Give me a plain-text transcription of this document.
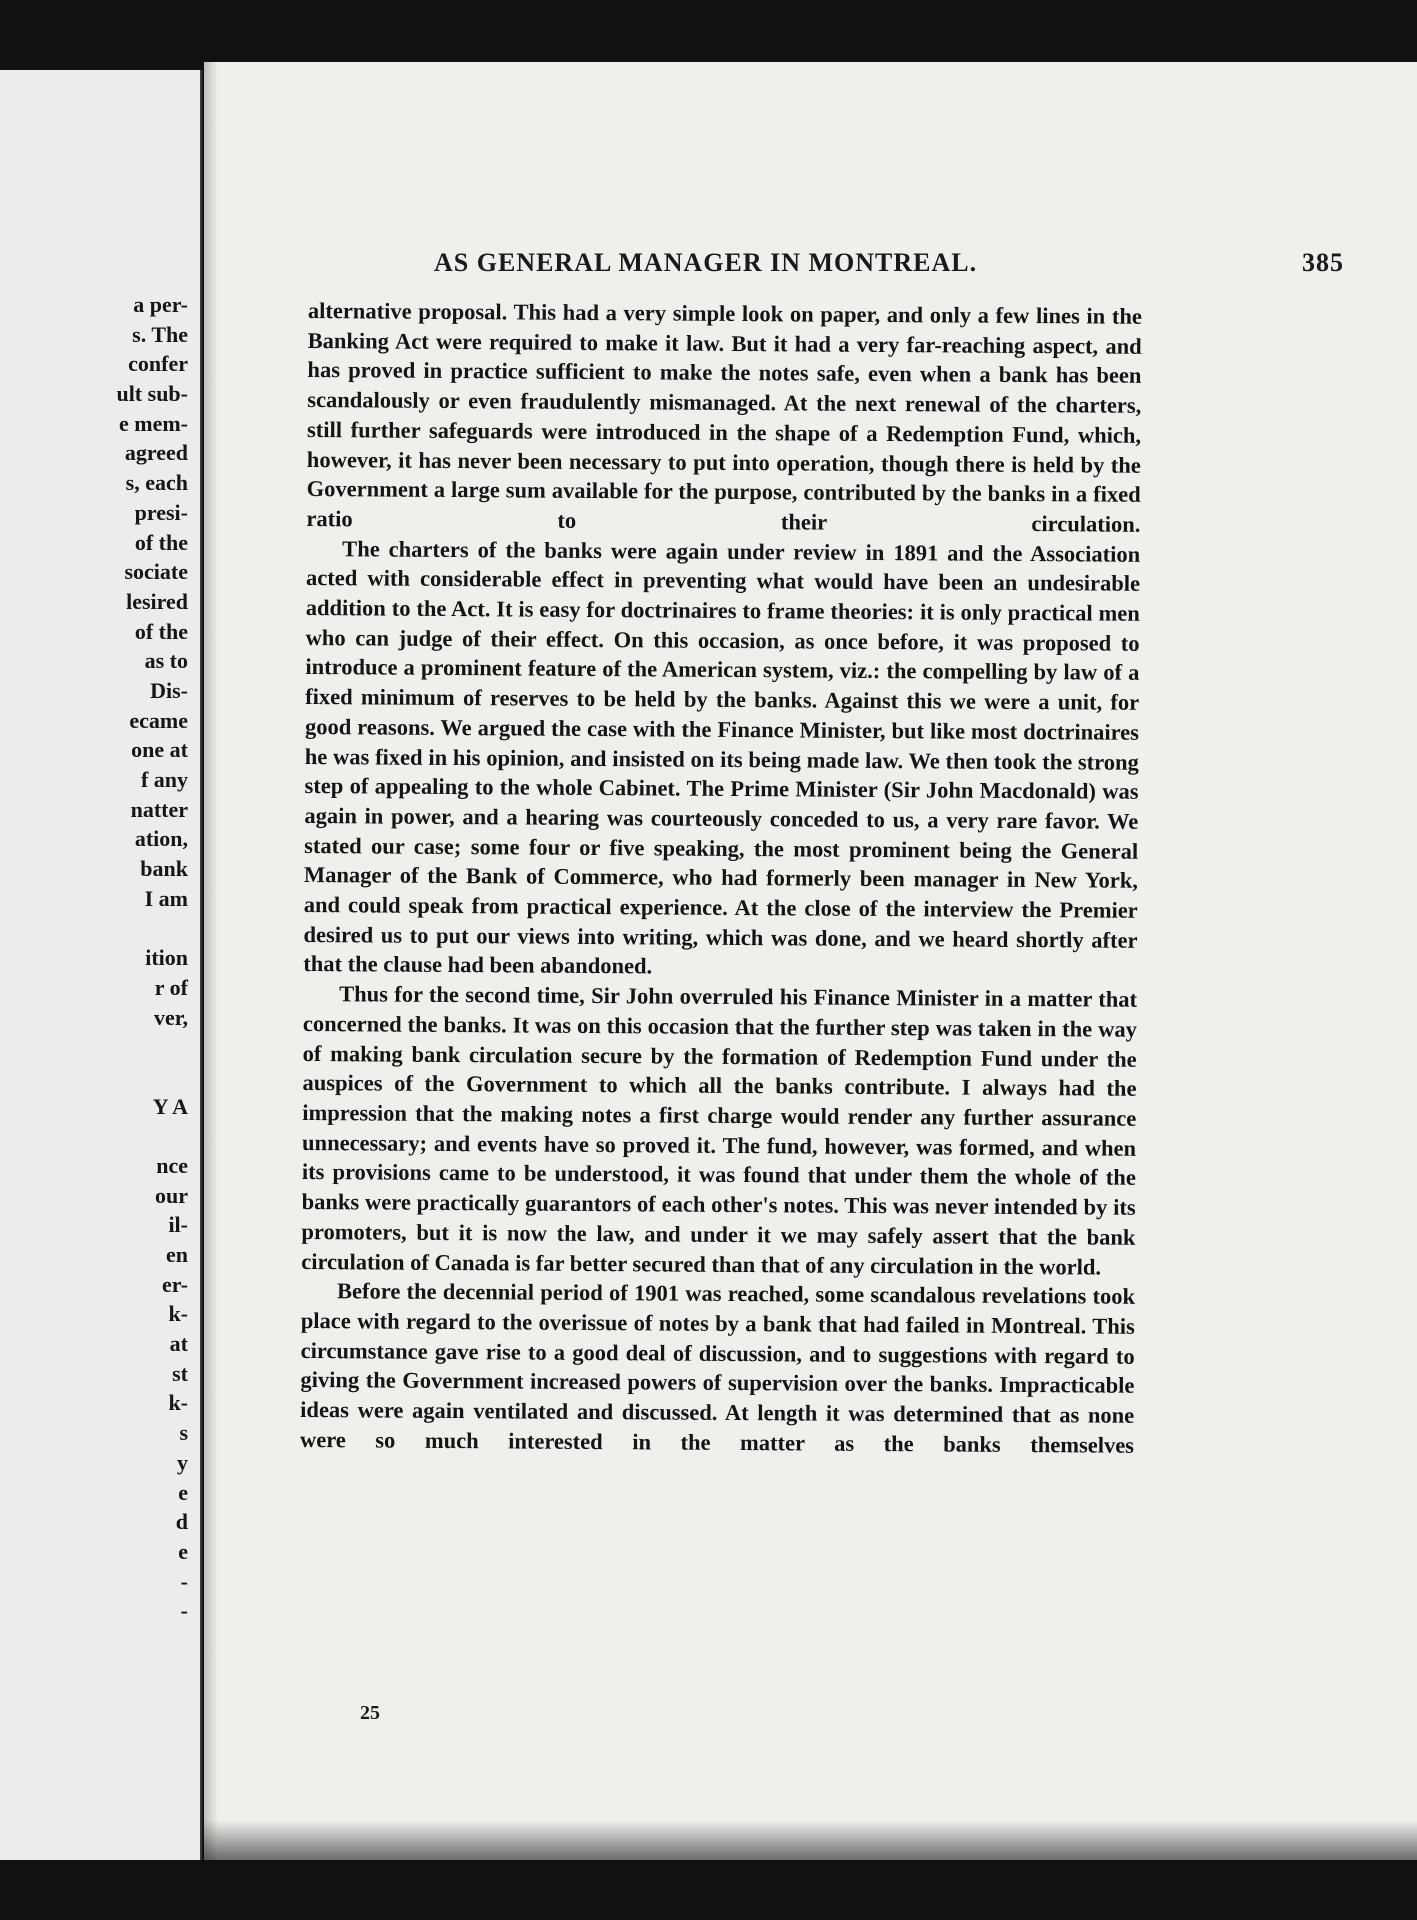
a per-
s. The
confer
ult sub-
e mem-
agreed
s, each
presi-
of the
sociate
lesired
of the
as to
Dis-
ecame
one at
f any
natter
ation,
bank
I am
ition
r of
ver,
Y A
nce
our
il-
en
er-
k-
at
st
k-
s
y
e
d
e
-
-
AS GENERAL MANAGER IN MONTREAL.	385

alternative proposal. This had a very simple look on paper, and only a few lines in the Banking Act were required to make it law. But it had a very far-reaching aspect, and has proved in practice sufficient to make the notes safe, even when a bank has been scandalously or even fraudulently mismanaged. At the next renewal of the charters, still further safeguards were introduced in the shape of a Redemption Fund, which, however, it has never been necessary to put into operation, though there is held by the Government a large sum available for the purpose, contributed by the banks in a fixed ratio to their circulation.

The charters of the banks were again under review in 1891 and the Association acted with considerable effect in preventing what would have been an undesirable addition to the Act. It is easy for doctrinaires to frame theories: it is only practical men who can judge of their effect. On this occasion, as once before, it was proposed to introduce a prominent feature of the American system, viz.: the compelling by law of a fixed minimum of reserves to be held by the banks. Against this we were a unit, for good reasons. We argued the case with the Finance Minister, but like most doctrinaires he was fixed in his opinion, and insisted on its being made law. We then took the strong step of appealing to the whole Cabinet. The Prime Minister (Sir John Macdonald) was again in power, and a hearing was courteously conceded to us, a very rare favor. We stated our case; some four or five speaking, the most prominent being the General Manager of the Bank of Commerce, who had formerly been manager in New York, and could speak from practical experience. At the close of the interview the Premier desired us to put our views into writing, which was done, and we heard shortly after that the clause had been abandoned.

Thus for the second time, Sir John overruled his Finance Minister in a matter that concerned the banks. It was on this occasion that the further step was taken in the way of making bank circulation secure by the formation of Redemption Fund under the auspices of the Government to which all the banks contribute. I always had the impression that the making notes a first charge would render any further assurance unnecessary; and events have so proved it. The fund, however, was formed, and when its provisions came to be understood, it was found that under them the whole of the banks were practically guarantors of each other's notes. This was never intended by its promoters, but it is now the law, and under it we may safely assert that the bank circulation of Canada is far better secured than that of any circulation in the world.

Before the decennial period of 1901 was reached, some scandalous revelations took place with regard to the overissue of notes by a bank that had failed in Montreal. This circumstance gave rise to a good deal of discussion, and to suggestions with regard to giving the Government increased powers of supervision over the banks. Impracticable ideas were again ventilated and discussed. At length it was determined that as none were so much interested in the matter as the banks themselves

25
